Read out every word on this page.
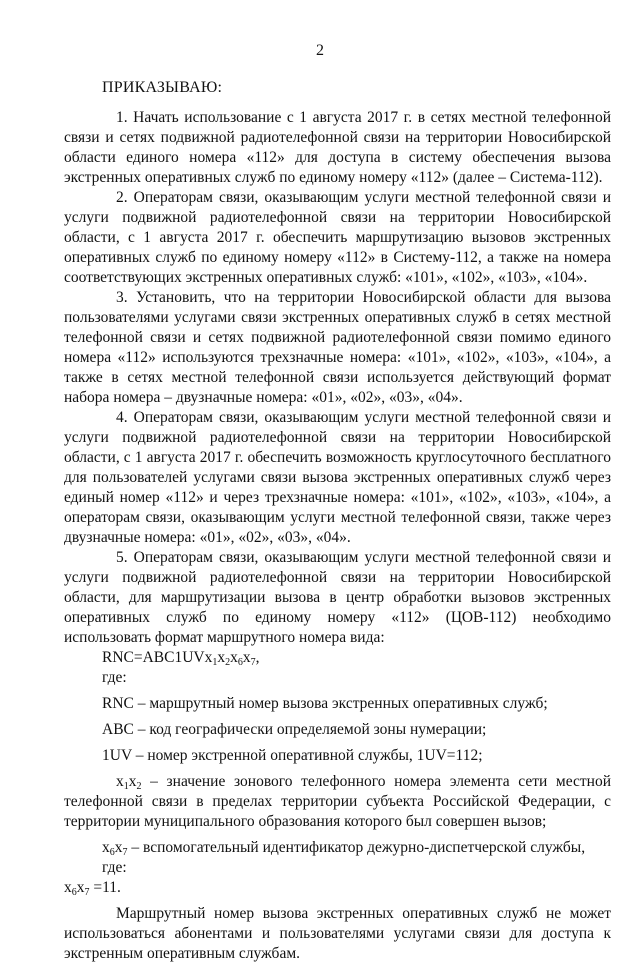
2
ПРИКАЗЫВАЮ:

1. Начать использование с 1 августа 2017 г. в сетях местной телефонной связи и сетях подвижной радиотелефонной связи на территории Новосибирской области единого номера «112» для доступа в систему обеспечения вызова экстренных оперативных служб по единому номеру «112» (далее – Система-112).

2. Операторам связи, оказывающим услуги местной телефонной связи и услуги подвижной радиотелефонной связи на территории Новосибирской области, с 1 августа 2017 г. обеспечить маршрутизацию вызовов экстренных оперативных служб по единому номеру «112» в Систему-112, а также на номера соответствующих экстренных оперативных служб: «101», «102», «103», «104».

3. Установить, что на территории Новосибирской области для вызова пользователями услугами связи экстренных оперативных служб в сетях местной телефонной связи и сетях подвижной радиотелефонной связи помимо единого номера «112» используются трехзначные номера: «101», «102», «103», «104», а также в сетях местной телефонной связи используется действующий формат набора номера – двузначные номера: «01», «02», «03», «04».

4. Операторам связи, оказывающим услуги местной телефонной связи и услуги подвижной радиотелефонной связи на территории Новосибирской области, с 1 августа 2017 г. обеспечить возможность круглосуточного бесплатного для пользователей услугами связи вызова экстренных оперативных служб через единый номер «112» и через трехзначные номера: «101», «102», «103», «104», а операторам связи, оказывающим услуги местной телефонной связи, также через двузначные номера: «01», «02», «03», «04».

5. Операторам связи, оказывающим услуги местной телефонной связи и услуги подвижной радиотелефонной связи на территории Новосибирской области, для маршрутизации вызова в центр обработки вызовов экстренных оперативных служб по единому номеру «112» (ЦОВ-112) необходимо использовать формат маршрутного номера вида:

$RNC=ABC1UVx_1x_2x_6x_7$,

где:

RNC – маршрутный номер вызова экстренных оперативных служб;

ABC – код географически определяемой зоны нумерации;

1UV – номер экстренной оперативной службы, 1UV=112;

$x_1x_2$ – значение зонового телефонного номера элемента сети местной телефонной связи в пределах территории субъекта Российской Федерации, с территории муниципального образования которого был совершен вызов;

$x_6x_7$ – вспомогательный идентификатор дежурно-диспетчерской службы, где:

$x_6x_7 =11$.

Маршрутный номер вызова экстренных оперативных служб не может использоваться абонентами и пользователями услугами связи для доступа к экстренным оперативным службам.
